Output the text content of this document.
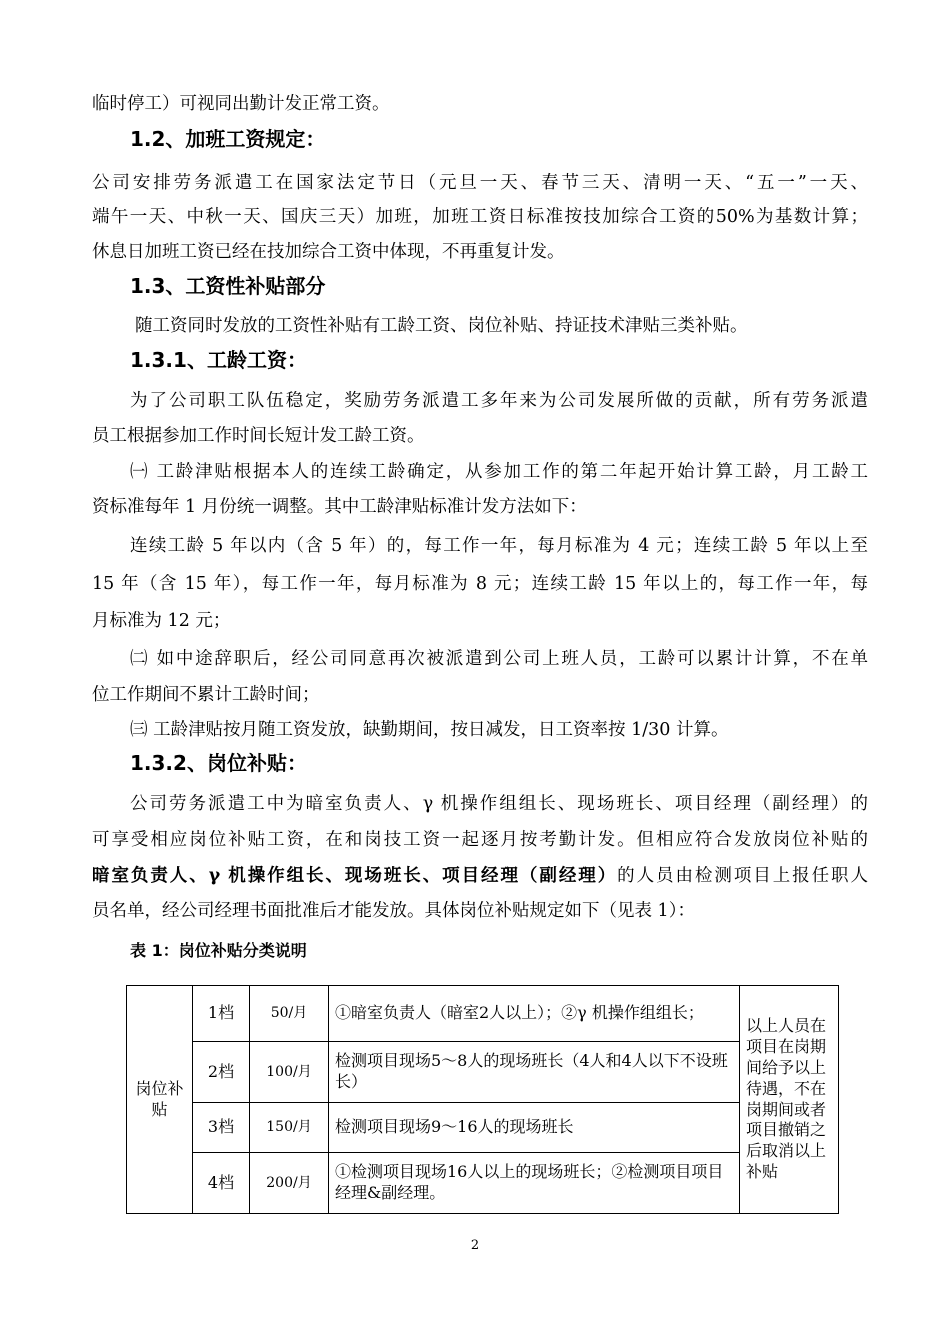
临时停工）可视同出勤计发正常工资。
1.2、加班工资规定：
公司安排劳务派遣工在国家法定节日（元旦一天、春节三天、清明一天、“五一”一天、
端午一天、中秋一天、国庆三天）加班，加班工资日标准按技加综合工资的50%为基数计算；
休息日加班工资已经在技加综合工资中体现，不再重复计发。
1.3、工资性补贴部分
随工资同时发放的工资性补贴有工龄工资、岗位补贴、持证技术津贴三类补贴。
1.3.1、工龄工资：
为了公司职工队伍稳定，奖励劳务派遣工多年来为公司发展所做的贡献，所有劳务派遣
员工根据参加工作时间长短计发工龄工资。
㈠ 工龄津贴根据本人的连续工龄确定，从参加工作的第二年起开始计算工龄，月工龄工
资标准每年 1 月份统一调整。其中工龄津贴标准计发方法如下：
连续工龄 5 年以内（含 5 年）的，每工作一年，每月标准为 4 元；连续工龄 5 年以上至
15 年（含 15 年），每工作一年，每月标准为 8 元；连续工龄 15 年以上的，每工作一年，每
月标准为 12 元；
㈡ 如中途辞职后，经公司同意再次被派遣到公司上班人员，工龄可以累计计算，不在单
位工作期间不累计工龄时间；
㈢ 工龄津贴按月随工资发放，缺勤期间，按日减发，日工资率按 1/30 计算。
1.3.2、岗位补贴：
公司劳务派遣工中为暗室负责人、γ 机操作组组长、现场班长、项目经理（副经理）的
可享受相应岗位补贴工资，在和岗技工资一起逐月按考勤计发。但相应符合发放岗位补贴的
暗室负责人、γ 机操作组长、现场班长、项目经理（副经理）的人员由检测项目上报任职人
员名单，经公司经理书面批准后才能发放。具体岗位补贴规定如下（见表 1）：
表 1：岗位补贴分类说明
岗位补贴	1档	50/月	①暗室负责人（暗室2人以上）；②γ 机操作组组长；	以上人员在项目在岗期间给予以上待遇，不在岗期间或者项目撤销之后取消以上补贴
	2档	100/月	检测项目现场5～8人的现场班长（4人和4人以下不设班长）	
	3档	150/月	检测项目现场9～16人的现场班长	
	4档	200/月	①检测项目现场16人以上的现场班长；②检测项目项目经理&副经理。	
2
